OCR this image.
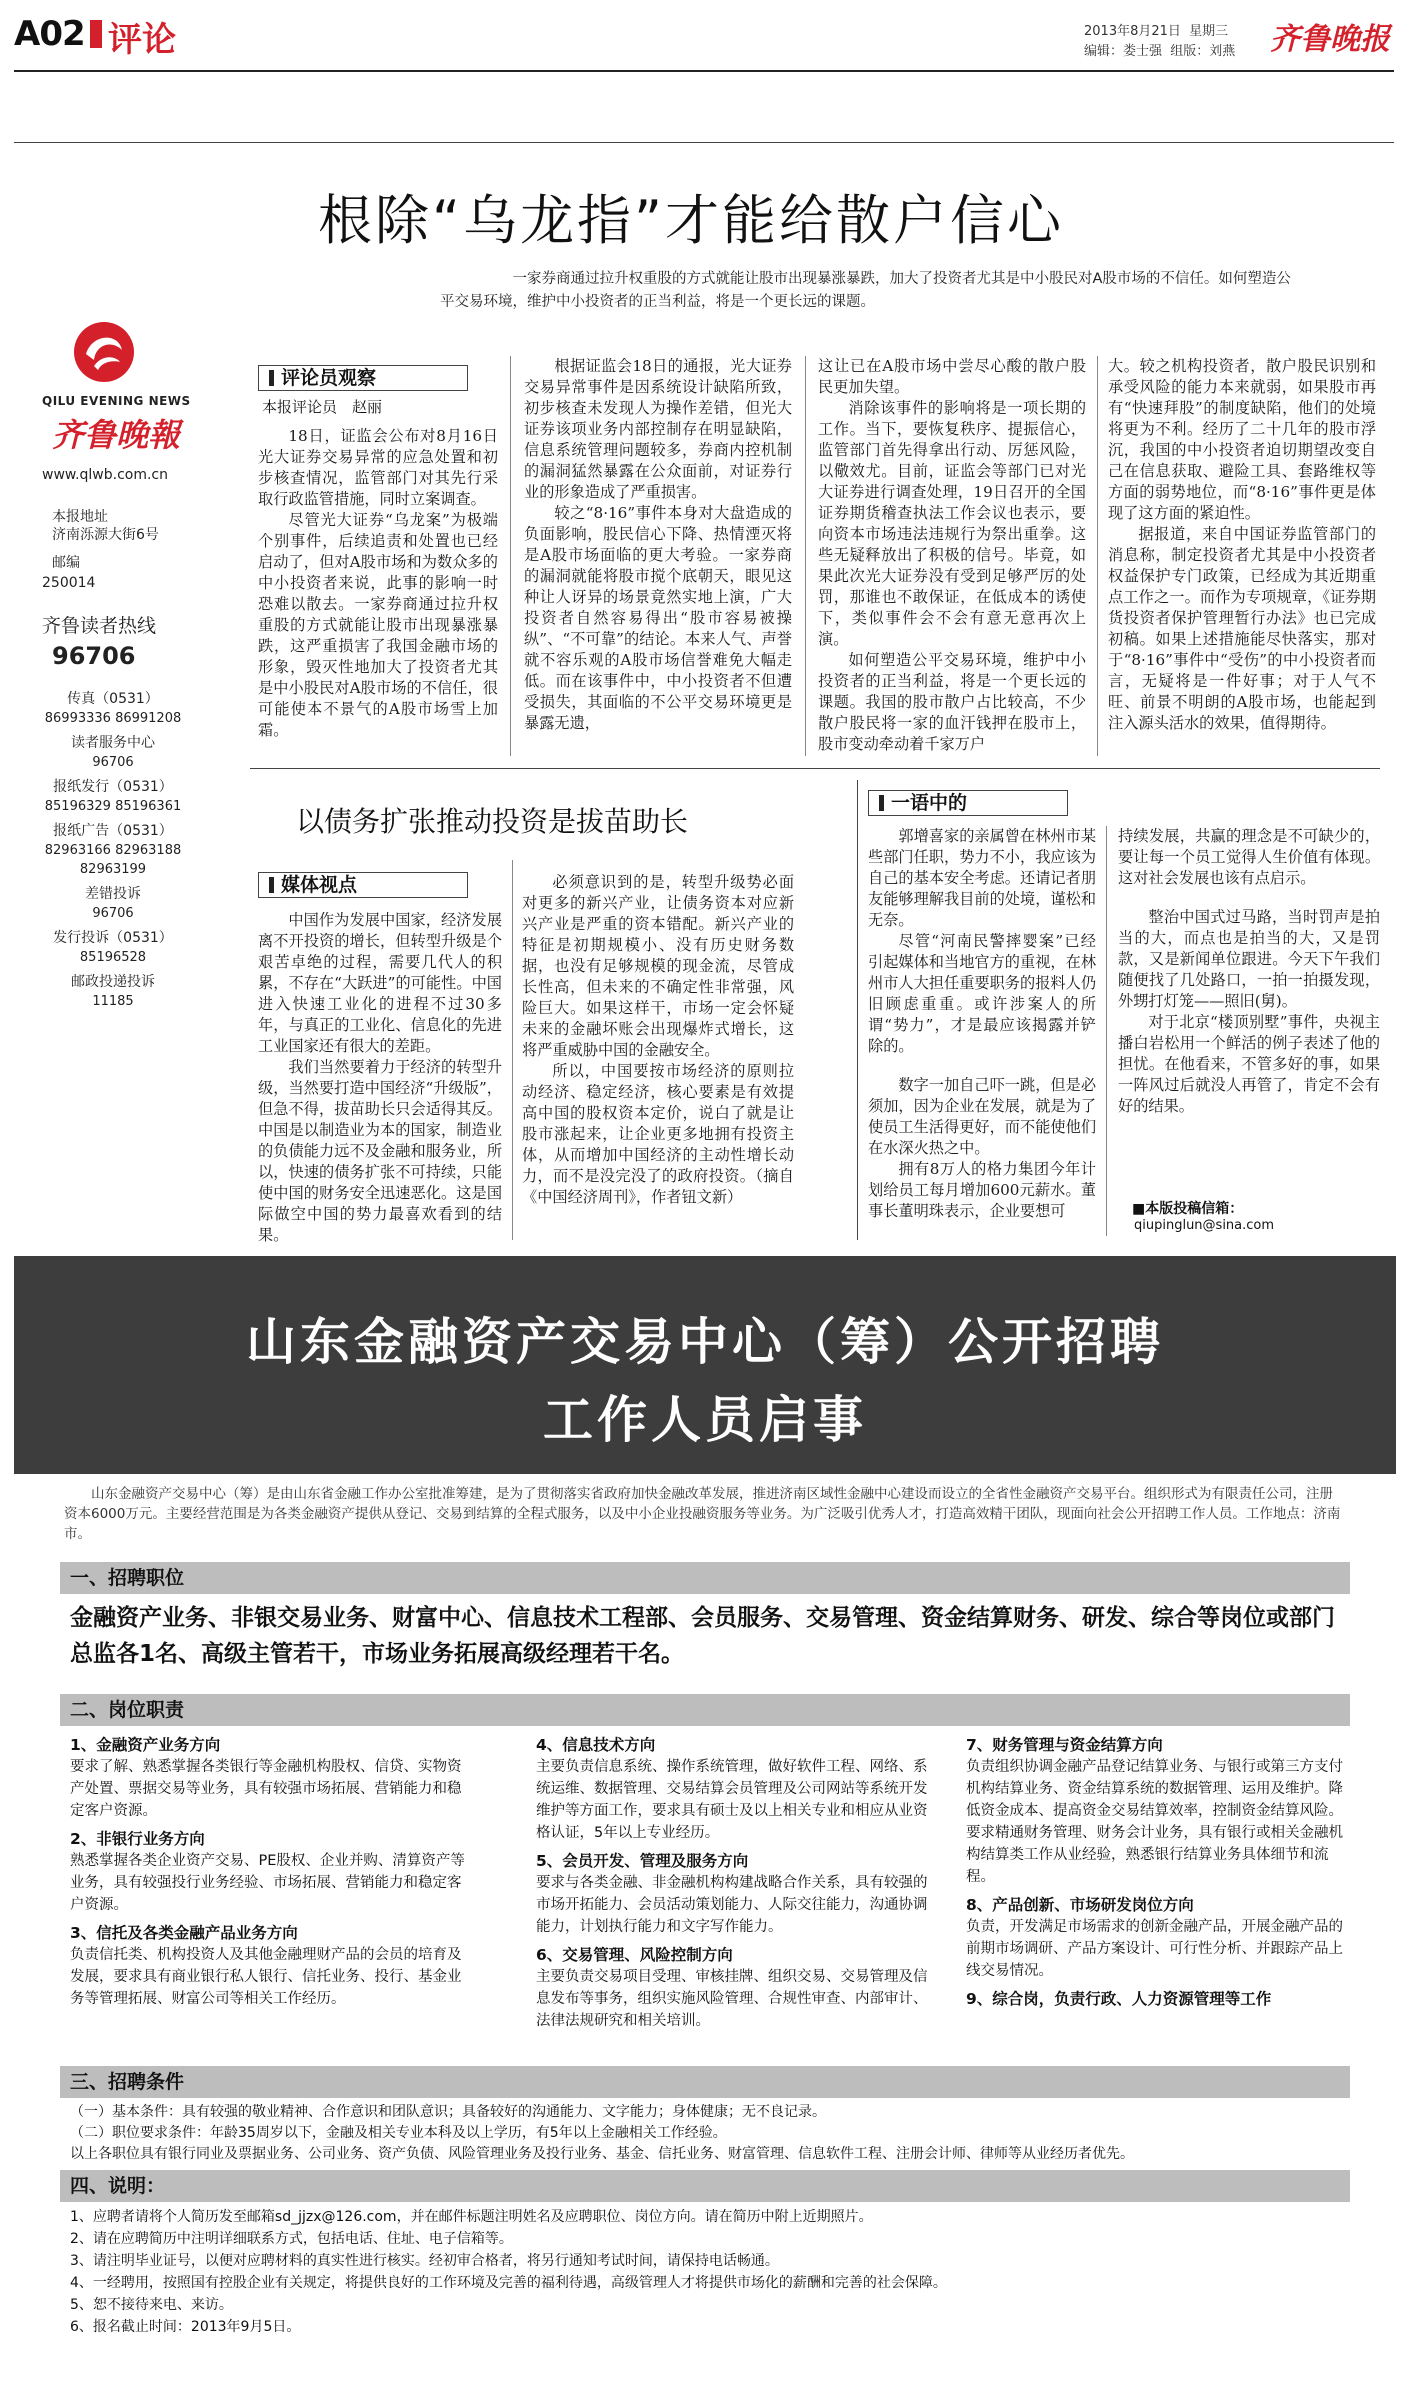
A02 评论	2013年8月21日 星期三
编辑：娄士强 组版：刘燕 齐鲁晚报
QILU EVENING NEWS
齐鲁晚報
www.qlwb.com.cn
本报地址
济南泺源大街6号
邮编
250014
齐鲁读者热线
96706
传真（0531）
86993336 86991208
读者服务中心
96706
报纸发行（0531）
85196329 85196361
报纸广告（0531）
82963166 82963188
82963199
差错投诉
96706
发行投诉（0531）
85196528
邮政投递投诉
11185
根除“乌龙指”才能给散户信心
一家券商通过拉升权重股的方式就能让股市出现暴涨暴跌，加大了投资者尤其是中小股民对A股市场的不信任。如何塑造公平交易环境，维护中小投资者的正当利益，将是一个更长远的课题。
评论员观察
本报评论员　赵丽

18日，证监会公布对8月16日光大证券交易异常的应急处置和初步核查情况，监管部门对其先行采取行政监管措施，同时立案调查。

尽管光大证券“乌龙案”为极端个别事件，后续追责和处置也已经启动了，但对A股市场和为数众多的中小投资者来说，此事的影响一时恐难以散去。一家券商通过拉升权重股的方式就能让股市出现暴涨暴跌，这严重损害了我国金融市场的形象，毁灭性地加大了投资者尤其是中小股民对A股市场的不信任，很可能使本不景气的A股市场雪上加霜。

根据证监会18日的通报，光大证券交易异常事件是因系统设计缺陷所致，初步核查未发现人为操作差错，但光大证券该项业务内部控制存在明显缺陷，信息系统管理问题较多，券商内控机制的漏洞猛然暴露在公众面前，对证券行业的形象造成了严重损害。

较之“8·16”事件本身对大盘造成的负面影响，股民信心下降、热情湮灭将是A股市场面临的更大考验。一家券商的漏洞就能将股市搅个底朝天，眼见这种让人讶异的场景竟然实地上演，广大投资者自然容易得出“股市容易被操纵”、“不可靠”的结论。本来人气、声誉就不容乐观的A股市场信誉难免大幅走低。而在该事件中，中小投资者不但遭受损失，其面临的不公平交易环境更是暴露无遗，

这让已在A股市场中尝尽心酸的散户股民更加失望。

消除该事件的影响将是一项长期的工作。当下，要恢复秩序、提振信心，监管部门首先得拿出行动、厉惩风险，以儆效尤。目前，证监会等部门已对光大证券进行调查处理，19日召开的全国证券期货稽查执法工作会议也表示，要向资本市场违法违规行为祭出重拳。这些无疑释放出了积极的信号。毕竟，如果此次光大证券没有受到足够严厉的处罚，那谁也不敢保证，在低成本的诱使下，类似事件会不会有意无意再次上演。

如何塑造公平交易环境，维护中小投资者的正当利益，将是一个更长远的课题。我国的股市散户占比较高，不少散户股民将一家的血汗钱押在股市上，股市变动牵动着千家万户

大。较之机构投资者，散户股民识别和承受风险的能力本来就弱，如果股市再有“快速拜股”的制度缺陷，他们的处境将更为不利。经历了二十几年的股市浮沉，我国的中小投资者迫切期望改变自己在信息获取、避险工具、套路维权等方面的弱势地位，而“8·16”事件更是体现了这方面的紧迫性。

据报道，来自中国证券监管部门的消息称，制定投资者尤其是中小投资者权益保护专门政策，已经成为其近期重点工作之一。而作为专项规章，《证券期货投资者保护管理暂行办法》也已完成初稿。如果上述措施能尽快落实，那对于“8·16”事件中“受伤”的中小投资者而言，无疑将是一件好事；对于人气不旺、前景不明朗的A股市场，也能起到注入源头活水的效果，值得期待。

以债务扩张推动投资是拔苗助长
媒体视点

中国作为发展中国家，经济发展离不开投资的增长，但转型升级是个艰苦卓绝的过程，需要几代人的积累，不存在“大跃进”的可能性。中国进入快速工业化的进程不过30多年，与真正的工业化、信息化的先进工业国家还有很大的差距。

我们当然要着力于经济的转型升级，当然要打造中国经济“升级版”，但急不得，拔苗助长只会适得其反。中国是以制造业为本的国家，制造业的负债能力远不及金融和服务业，所以，快速的债务扩张不可持续，只能使中国的财务安全迅速恶化。这是国际做空中国的势力最喜欢看到的结果。

必须意识到的是，转型升级势必面对更多的新兴产业，让债务资本对应新兴产业是严重的资本错配。新兴产业的特征是初期规模小、没有历史财务数据，也没有足够规模的现金流，尽管成长性高，但未来的不确定性非常强，风险巨大。如果这样干，市场一定会怀疑未来的金融坏账会出现爆炸式增长，这将严重威胁中国的金融安全。

所以，中国要按市场经济的原则拉动经济、稳定经济，核心要素是有效提高中国的股权资本定价，说白了就是让股市涨起来，让企业更多地拥有投资主体，从而增加中国经济的主动性增长动力，而不是没完没了的政府投资。（摘自《中国经济周刊》，作者钮文新）

一语中的

郭增喜家的亲属曾在林州市某些部门任职，势力不小，我应该为自己的基本安全考虑。还请记者朋友能够理解我目前的处境，谨松和无奈。

尽管“河南民警摔婴案”已经引起媒体和当地官方的重视，在林州市人大担任重要职务的报料人仍旧顾虑重重。或许涉案人的所谓“势力”，才是最应该揭露并铲除的。

数字一加自己吓一跳，但是必须加，因为企业在发展，就是为了使员工生活得更好，而不能使他们在水深火热之中。

拥有8万人的格力集团今年计划给员工每月增加600元薪水。董事长董明珠表示，企业要想可

持续发展，共赢的理念是不可缺少的，要让每一个员工觉得人生价值有体现。这对社会发展也该有点启示。

整治中国式过马路，当时罚声是拍当的大，而点也是拍当的大，又是罚款，又是新闻单位跟进。今天下午我们随便找了几处路口，一拍一拍摄发现，外甥打灯笼——照旧(舅)。

对于北京“楼顶别墅”事件，央视主播白岩松用一个鲜活的例子表述了他的担忧。在他看来，不管多好的事，如果一阵风过后就没人再管了，肯定不会有好的结果。

■本版投稿信箱：
qiupinglun@sina.com
山东金融资产交易中心（筹）公开招聘
工作人员启事
山东金融资产交易中心（筹）是由山东省金融工作办公室批准筹建，是为了贯彻落实省政府加快金融改革发展，推进济南区域性金融中心建设而设立的全省性金融资产交易平台。组织形式为有限责任公司，注册资本6000万元。主要经营范围是为各类金融资产提供从登记、交易到结算的全程式服务，以及中小企业投融资服务等业务。为广泛吸引优秀人才，打造高效精干团队，现面向社会公开招聘工作人员。工作地点：济南市。
一、招聘职位
金融资产业务、非银交易业务、财富中心、信息技术工程部、会员服务、交易管理、资金结算财务、研发、综合等岗位或部门总监各1名、高级主管若干，市场业务拓展高级经理若干名。
二、岗位职责
1、金融资产业务方向
要求了解、熟悉掌握各类银行等金融机构股权、信贷、实物资产处置、票据交易等业务，具有较强市场拓展、营销能力和稳定客户资源。
2、非银行业务方向
熟悉掌握各类企业资产交易、PE股权、企业并购、清算资产等业务，具有较强投行业务经验、市场拓展、营销能力和稳定客户资源。
3、信托及各类金融产品业务方向
负责信托类、机构投资人及其他金融理财产品的会员的培育及发展，要求具有商业银行私人银行、信托业务、投行、基金业务等管理拓展、财富公司等相关工作经历。
4、信息技术方向
主要负责信息系统、操作系统管理，做好软件工程、网络、系统运维、数据管理、交易结算会员管理及公司网站等系统开发维护等方面工作，要求具有硕士及以上相关专业和相应从业资格认证，5年以上专业经历。
5、会员开发、管理及服务方向
要求与各类金融、非金融机构构建战略合作关系，具有较强的市场开拓能力、会员活动策划能力、人际交往能力，沟通协调能力，计划执行能力和文字写作能力。
6、交易管理、风险控制方向
主要负责交易项目受理、审核挂牌、组织交易、交易管理及信息发布等事务，组织实施风险管理、合规性审查、内部审计、法律法规研究和相关培训。
7、财务管理与资金结算方向
负责组织协调金融产品登记结算业务、与银行或第三方支付机构结算业务、资金结算系统的数据管理、运用及维护。降低资金成本、提高资金交易结算效率，控制资金结算风险。
要求精通财务管理、财务会计业务，具有银行或相关金融机构结算类工作从业经验，熟悉银行结算业务具体细节和流程。
8、产品创新、市场研发岗位方向
负责，开发满足市场需求的创新金融产品，开展金融产品的前期市场调研、产品方案设计、可行性分析、并跟踪产品上线交易情况。
9、综合岗，负责行政、人力资源管理等工作
三、招聘条件
（一）基本条件：具有较强的敬业精神、合作意识和团队意识；具备较好的沟通能力、文字能力；身体健康；无不良记录。
（二）职位要求条件：年龄35周岁以下，金融及相关专业本科及以上学历，有5年以上金融相关工作经验。
以上各职位具有银行同业及票据业务、公司业务、资产负债、风险管理业务及投行业务、基金、信托业务、财富管理、信息软件工程、注册会计师、律师等从业经历者优先。
四、说明：
1、应聘者请将个人简历发至邮箱sd_jjzx@126.com，并在邮件标题注明姓名及应聘职位、岗位方向。请在简历中附上近期照片。
2、请在应聘简历中注明详细联系方式，包括电话、住址、电子信箱等。
3、请注明毕业证号，以便对应聘材料的真实性进行核实。经初审合格者，将另行通知考试时间，请保持电话畅通。
4、一经聘用，按照国有控股企业有关规定，将提供良好的工作环境及完善的福利待遇，高级管理人才将提供市场化的薪酬和完善的社会保障。
5、恕不接待来电、来访。
6、报名截止时间：2013年9月5日。
